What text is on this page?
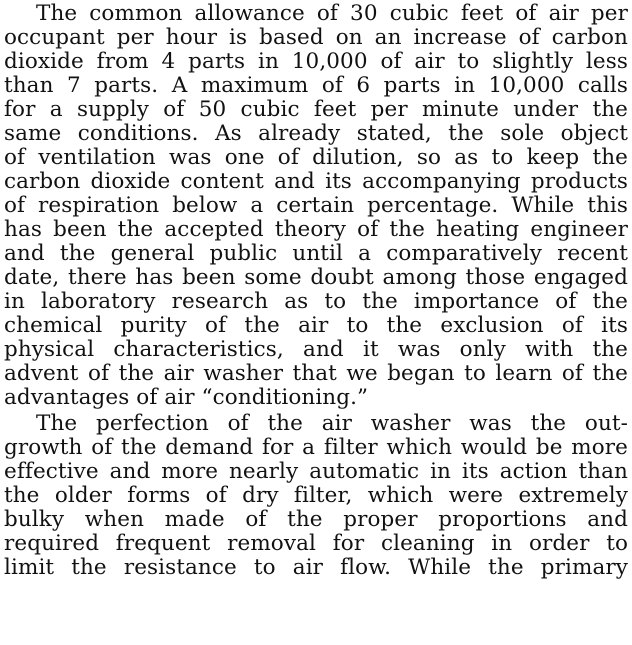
The common allowance of 30 cubic feet of air per
occupant per hour is based on an increase of carbon
dioxide from 4 parts in 10,000 of air to slightly less
than 7 parts. A maximum of 6 parts in 10,000 calls
for a supply of 50 cubic feet per minute under the
same conditions. As already stated, the sole object
of ventilation was one of dilution, so as to keep the
carbon dioxide content and its accompanying products
of respiration below a certain percentage. While this
has been the accepted theory of the heating engineer
and the general public until a comparatively recent
date, there has been some doubt among those engaged
in laboratory research as to the importance of the
chemical purity of the air to the exclusion of its
physical characteristics, and it was only with the
advent of the air washer that we began to learn of the
advantages of air “conditioning.”
The perfection of the air washer was the out-
growth of the demand for a filter which would be more
effective and more nearly automatic in its action than
the older forms of dry filter, which were extremely
bulky when made of the proper proportions and
required frequent removal for cleaning in order to
limit the resistance to air flow. While the primary
